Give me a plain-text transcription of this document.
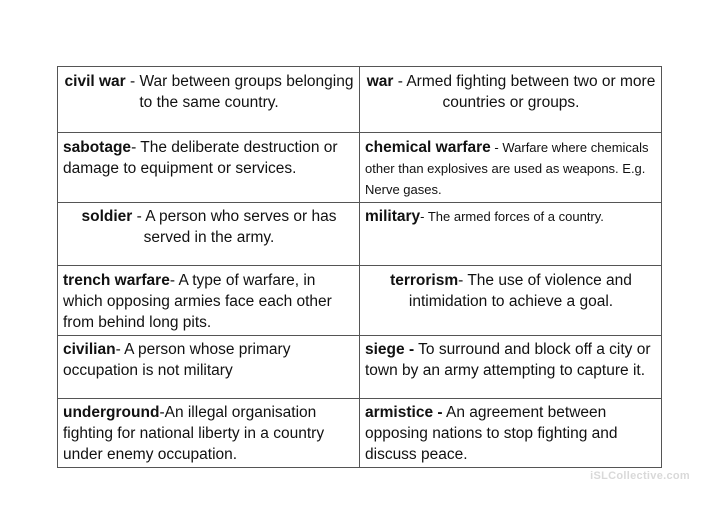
civil war - War between groups belonging to the same country.	war - Armed fighting between two or more countries or groups.
sabotage- The deliberate destruction or damage to equipment or services.	chemical warfare - Warfare where chemicals other than explosives are used as weapons. E.g. Nerve gases.
soldier - A person who serves or has served in the army.	military- The armed forces of a country.
trench warfare- A type of warfare, in which opposing armies face each other from behind long pits.	terrorism- The use of violence and intimidation to achieve a goal.
civilian- A person whose primary occupation is not military	siege - To surround and block off a city or town by an army attempting to capture it.
underground-An illegal organisation fighting for national liberty in a country under enemy occupation.	armistice - An agreement between opposing nations to stop fighting and discuss peace.
iSLCollective.com
